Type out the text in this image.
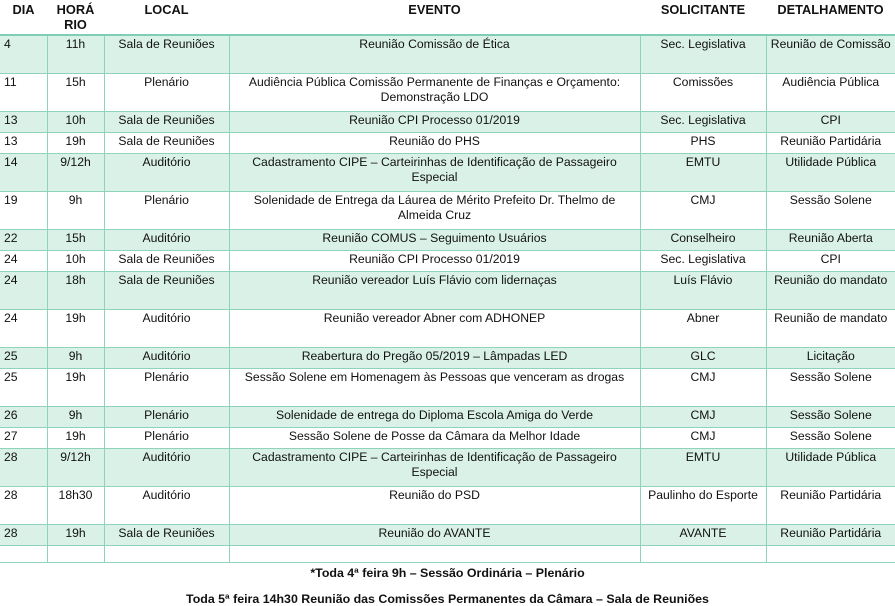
DIA	HORÁ RIO	LOCAL	EVENTO	SOLICITANTE	DETALHAMENTO
4	11h	Sala de Reuniões	Reunião Comissão de Ética	Sec. Legislativa	Reunião de Comissão
11	15h	Plenário	Audiência Pública Comissão Permanente de Finanças e Orçamento: Demonstração LDO	Comissões	Audiência Pública
13	10h	Sala de Reuniões	Reunião CPI Processo 01/2019	Sec. Legislativa	CPI
13	19h	Sala de Reuniões	Reunião do PHS	PHS	Reunião Partidária
14	9/12h	Auditório	Cadastramento CIPE – Carteirinhas de Identificação de Passageiro Especial	EMTU	Utilidade Pública
19	9h	Plenário	Solenidade de Entrega da Láurea de Mérito Prefeito Dr. Thelmo de Almeida Cruz	CMJ	Sessão Solene
22	15h	Auditório	Reunião COMUS – Seguimento Usuários	Conselheiro	Reunião Aberta
24	10h	Sala de Reuniões	Reunião CPI Processo 01/2019	Sec. Legislativa	CPI
24	18h	Sala de Reuniões	Reunião vereador Luís Flávio com lidernaças	Luís Flávio	Reunião do mandato
24	19h	Auditório	Reunião vereador Abner com ADHONEP	Abner	Reunião de mandato
25	9h	Auditório	Reabertura do Pregão 05/2019 – Lâmpadas LED	GLC	Licitação
25	19h	Plenário	Sessão Solene em Homenagem às Pessoas que venceram as drogas	CMJ	Sessão Solene
26	9h	Plenário	Solenidade de entrega do Diploma Escola Amiga do Verde	CMJ	Sessão Solene
27	19h	Plenário	Sessão Solene de Posse da Câmara da Melhor Idade	CMJ	Sessão Solene
28	9/12h	Auditório	Cadastramento CIPE – Carteirinhas de Identificação de Passageiro Especial	EMTU	Utilidade Pública
28	18h30	Auditório	Reunião do PSD	Paulinho do Esporte	Reunião Partidária
28	19h	Sala de Reuniões	Reunião do AVANTE	AVANTE	Reunião Partidária

*Toda 4ª feira 9h – Sessão Ordinária – Plenário
Toda 5ª feira 14h30 Reunião das Comissões Permanentes da Câmara – Sala de Reuniões
